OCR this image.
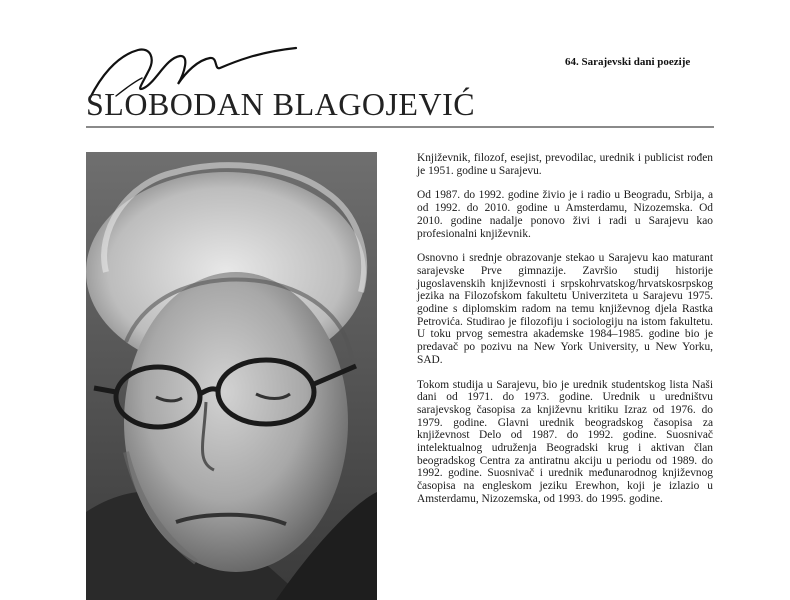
64. Sarajevski dani poezije
SLOBODAN BLAGOJEVIĆ

Književnik, filozof, esejist, prevodilac, urednik i publicist rođen je 1951. godine u Sarajevu.

Od 1987. do 1992. godine živio je i radio u Beogradu, Srbija, a od 1992. do 2010. godine u Amsterdamu, Nizozemska. Od 2010. godine nadalje ponovo živi i radi u Sarajevu kao profesionalni književnik.

Osnovno i srednje obrazovanje stekao u Sarajevu kao maturant sarajevske Prve gimnazije. Završio studij historije jugoslavenskih književnosti i srpskohrvatskog/hrvatskosrpskog jezika na Filozofskom fakultetu Univerziteta u Sarajevu 1975. godine s diplomskim radom na temu književnog djela Rastka Petrovića. Studirao je filozofiju i sociologiju na istom fakultetu. U toku prvog semestra akademske 1984–1985. godine bio je predavač po pozivu na New York University, u New Yorku, SAD.

Tokom studija u Sarajevu, bio je urednik studentskog lista Naši dani od 1971. do 1973. godine. Urednik u uredništvu sarajevskog časopisa za književnu kritiku Izraz od 1976. do 1979. godine. Glavni urednik beogradskog časopisa za književnost Delo od 1987. do 1992. godine. Suosnivač intelektualnog udruženja Beogradski krug i aktivan član beogradskog Centra za antiratnu akciju u periodu od 1989. do 1992. godine. Suosnivač i urednik međunarodnog književnog časopisa na engleskom jeziku Erewhon, koji je izlazio u Amsterdamu, Nizozemska, od 1993. do 1995. godine.
